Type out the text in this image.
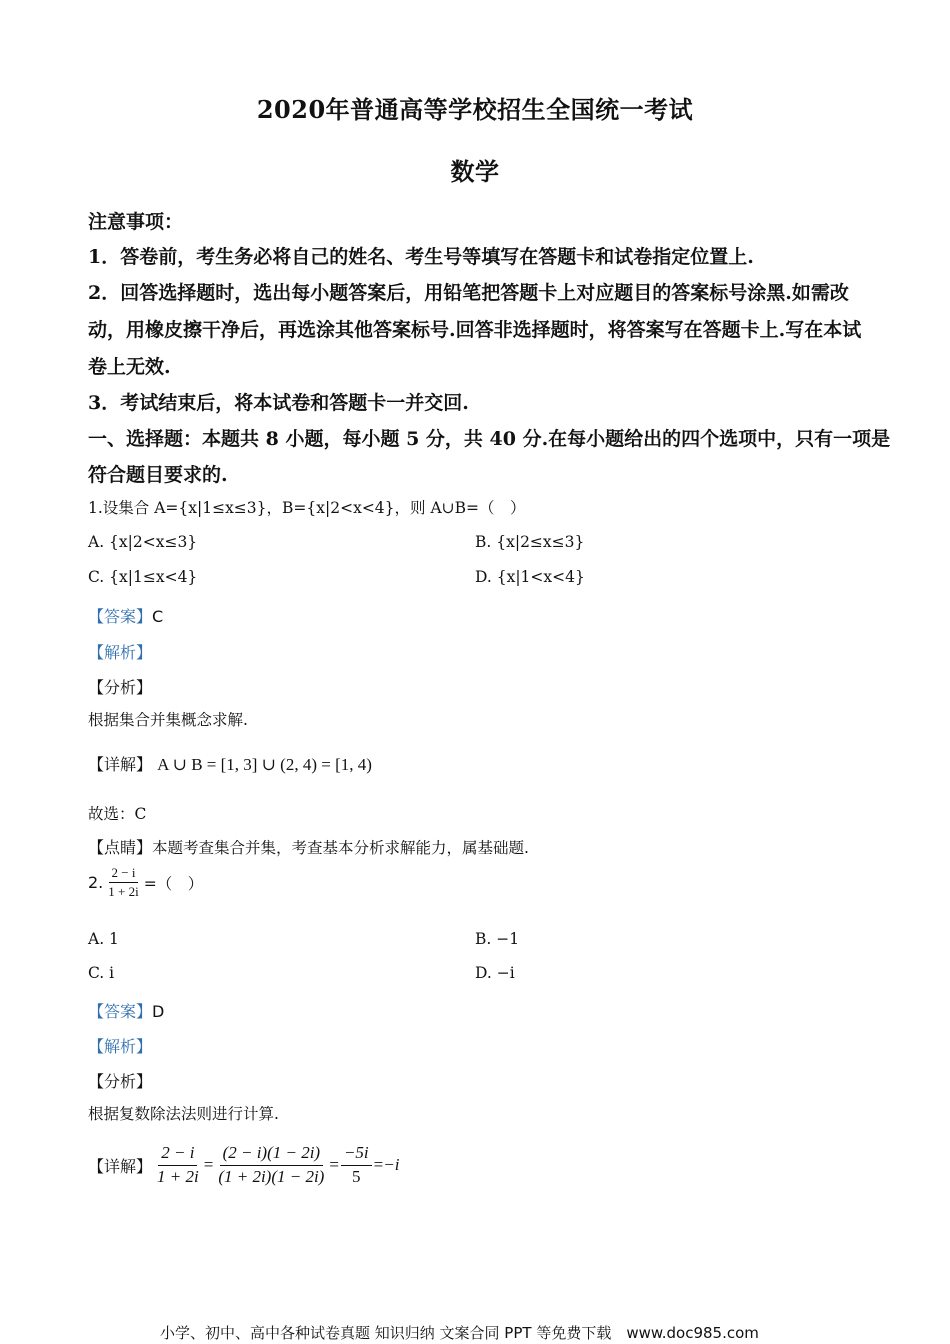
2020年普通高等学校招生全国统一考试
数学
注意事项：
1．答卷前，考生务必将自己的姓名、考生号等填写在答题卡和试卷指定位置上.
2．回答选择题时，选出每小题答案后，用铅笔把答题卡上对应题目的答案标号涂黑.如需改
动，用橡皮擦干净后，再选涂其他答案标号.回答非选择题时，将答案写在答题卡上.写在本试
卷上无效.
3．考试结束后，将本试卷和答题卡一并交回.
一、选择题：本题共 8 小题，每小题 5 分，共 40 分.在每小题给出的四个选项中，只有一项是
符合题目要求的.
1.设集合 A={x|1≤x≤3}，B={x|2<x<4}，则 A∪B=（　）
A. {x|2<x≤3}	B. {x|2≤x≤3}
C. {x|1≤x<4}	D. {x|1<x<4}
【答案】C
【解析】
【分析】
根据集合并集概念求解.
【详解】 A ∪ B = [1, 3] ∪ (2, 4) = [1, 4)
故选：C
【点睛】本题考查集合并集，考查基本分析求解能力，属基础题.
2. $\frac{2 - i}{1 + 2i}$ =（　）
A. 1	B. −1
C. i	D. −i
【答案】D
【解析】
【分析】
根据复数除法法则进行计算.
【详解】 $\frac{2 - i}{1 + 2i} = \frac{(2 - i)(1 - 2i)}{(1 + 2i)(1 - 2i)} = \frac{-5i}{5} = -i$
小学、初中、高中各种试卷真题 知识归纳 文案合同 PPT 等免费下载　www.doc985.com
